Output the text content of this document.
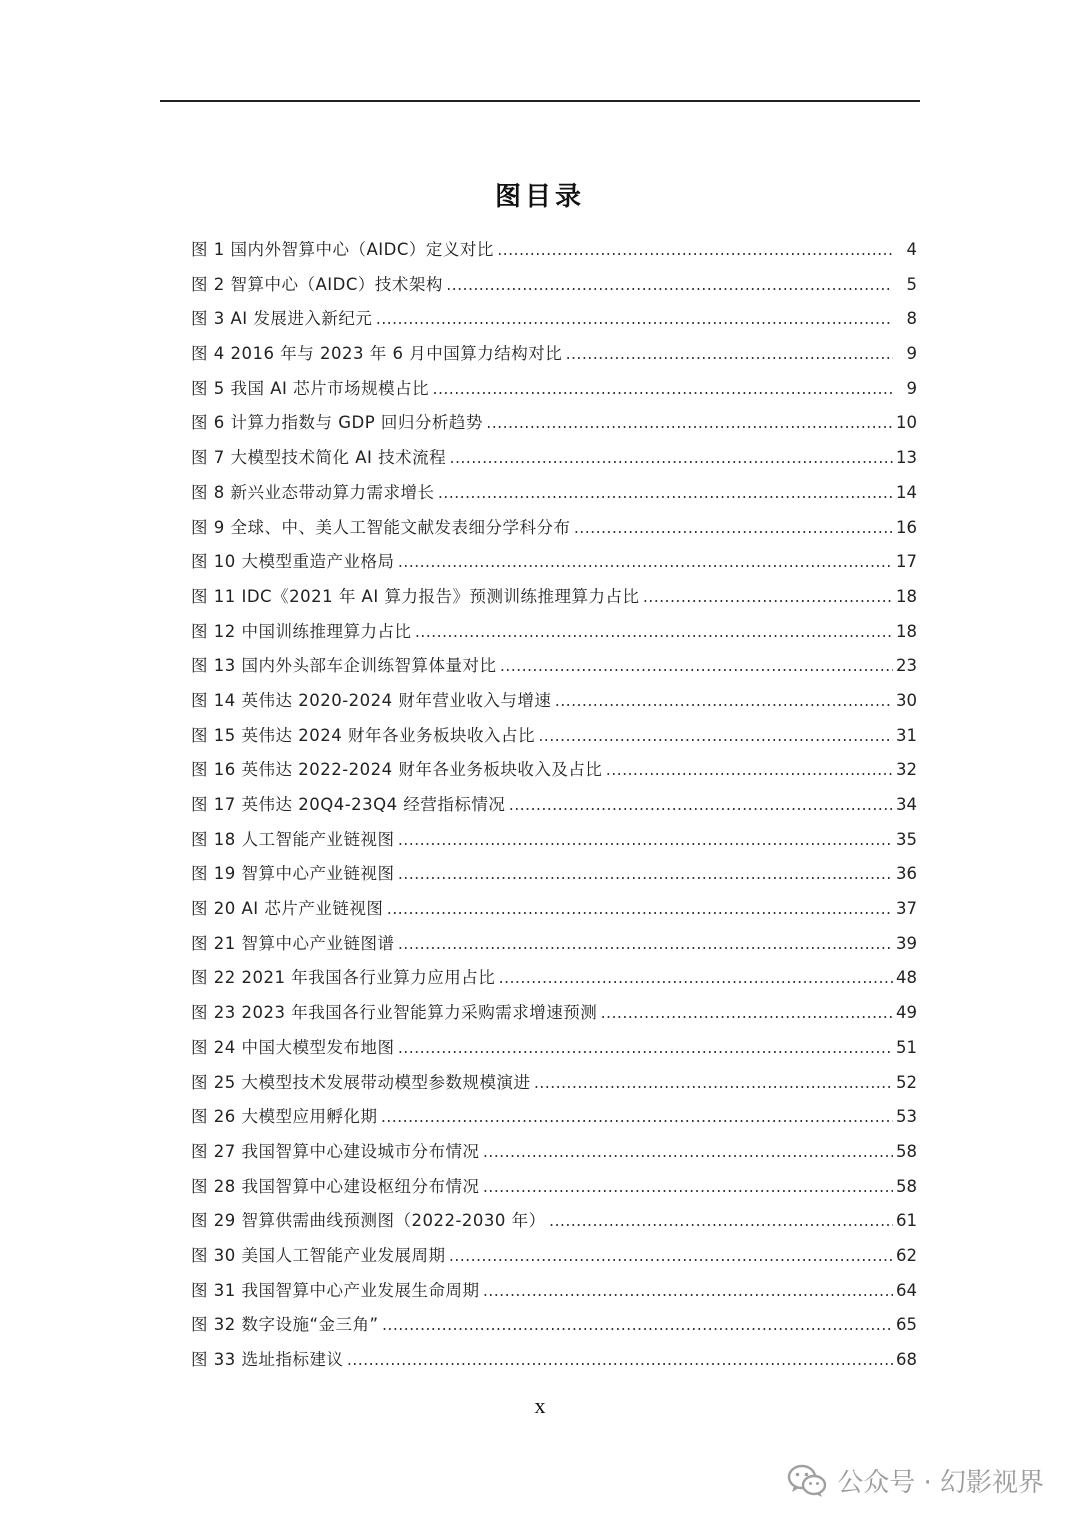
图目录
图 1 国内外智算中心（AIDC）定义对比 .....	4
图 2 智算中心（AIDC）技术架构 .....	5
图 3 AI 发展进入新纪元 .....	8
图 4 2016 年与 2023 年 6 月中国算力结构对比 .....	9
图 5 我国 AI 芯片市场规模占比 .....	9
图 6 计算力指数与 GDP 回归分析趋势 .....	10
图 7 大模型技术简化 AI 技术流程 .....	13
图 8 新兴业态带动算力需求增长 .....	14
图 9 全球、中、美人工智能文献发表细分学科分布 .....	16
图 10 大模型重造产业格局 .....	17
图 11 IDC《2021 年 AI 算力报告》预测训练推理算力占比 .....	18
图 12 中国训练推理算力占比 .....	18
图 13 国内外头部车企训练智算体量对比 .....	23
图 14 英伟达 2020-2024 财年营业收入与增速 .....	30
图 15 英伟达 2024 财年各业务板块收入占比 .....	31
图 16 英伟达 2022-2024 财年各业务板块收入及占比 .....	32
图 17 英伟达 20Q4-23Q4 经营指标情况 .....	34
图 18 人工智能产业链视图 .....	35
图 19 智算中心产业链视图 .....	36
图 20 AI 芯片产业链视图 .....	37
图 21 智算中心产业链图谱 .....	39
图 22 2021 年我国各行业算力应用占比 .....	48
图 23 2023 年我国各行业智能算力采购需求增速预测 .....	49
图 24 中国大模型发布地图 .....	51
图 25 大模型技术发展带动模型参数规模演进 .....	52
图 26 大模型应用孵化期 .....	53
图 27 我国智算中心建设城市分布情况 .....	58
图 28 我国智算中心建设枢纽分布情况 .....	58
图 29 智算供需曲线预测图（2022-2030 年） .....	61
图 30 美国人工智能产业发展周期 .....	62
图 31 我国智算中心产业发展生命周期 .....	64
图 32 数字设施“金三角” .....	65
图 33 选址指标建议 .....	68
x
公众号 · 幻影视界
